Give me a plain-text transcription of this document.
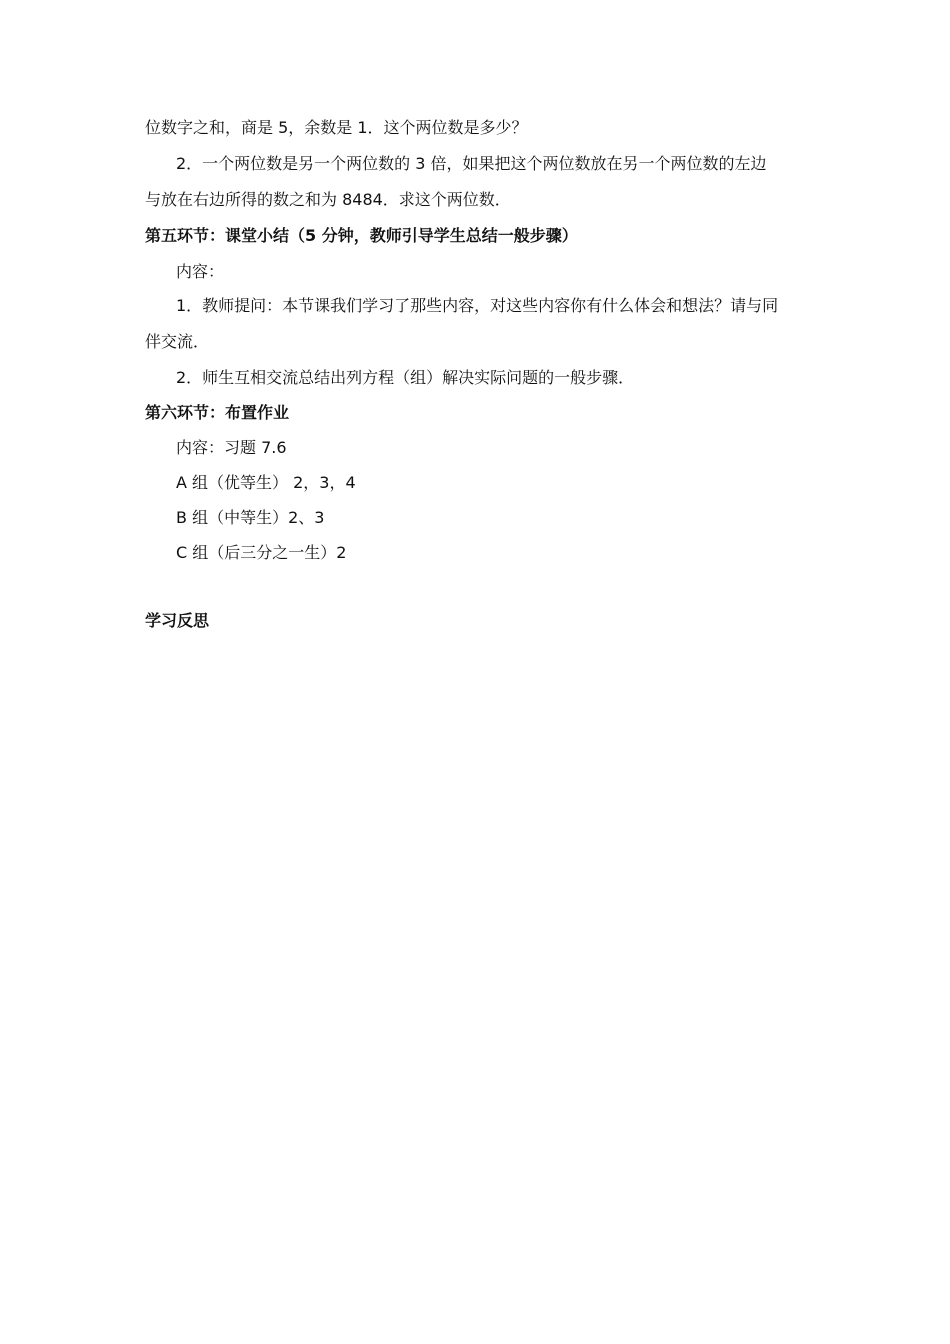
位数字之和，商是 5，余数是 1．这个两位数是多少？
2．一个两位数是另一个两位数的 3 倍，如果把这个两位数放在另一个两位数的左边
与放在右边所得的数之和为 8484．求这个两位数．
第五环节：课堂小结（5 分钟，教师引导学生总结一般步骤）
内容：
1．教师提问：本节课我们学习了那些内容，对这些内容你有什么体会和想法？请与同
伴交流．
2．师生互相交流总结出列方程（组）解决实际问题的一般步骤．
第六环节：布置作业
内容：习题 7.6
A 组（优等生） 2，3，4
B 组（中等生）2、3
C 组（后三分之一生）2
学习反思
